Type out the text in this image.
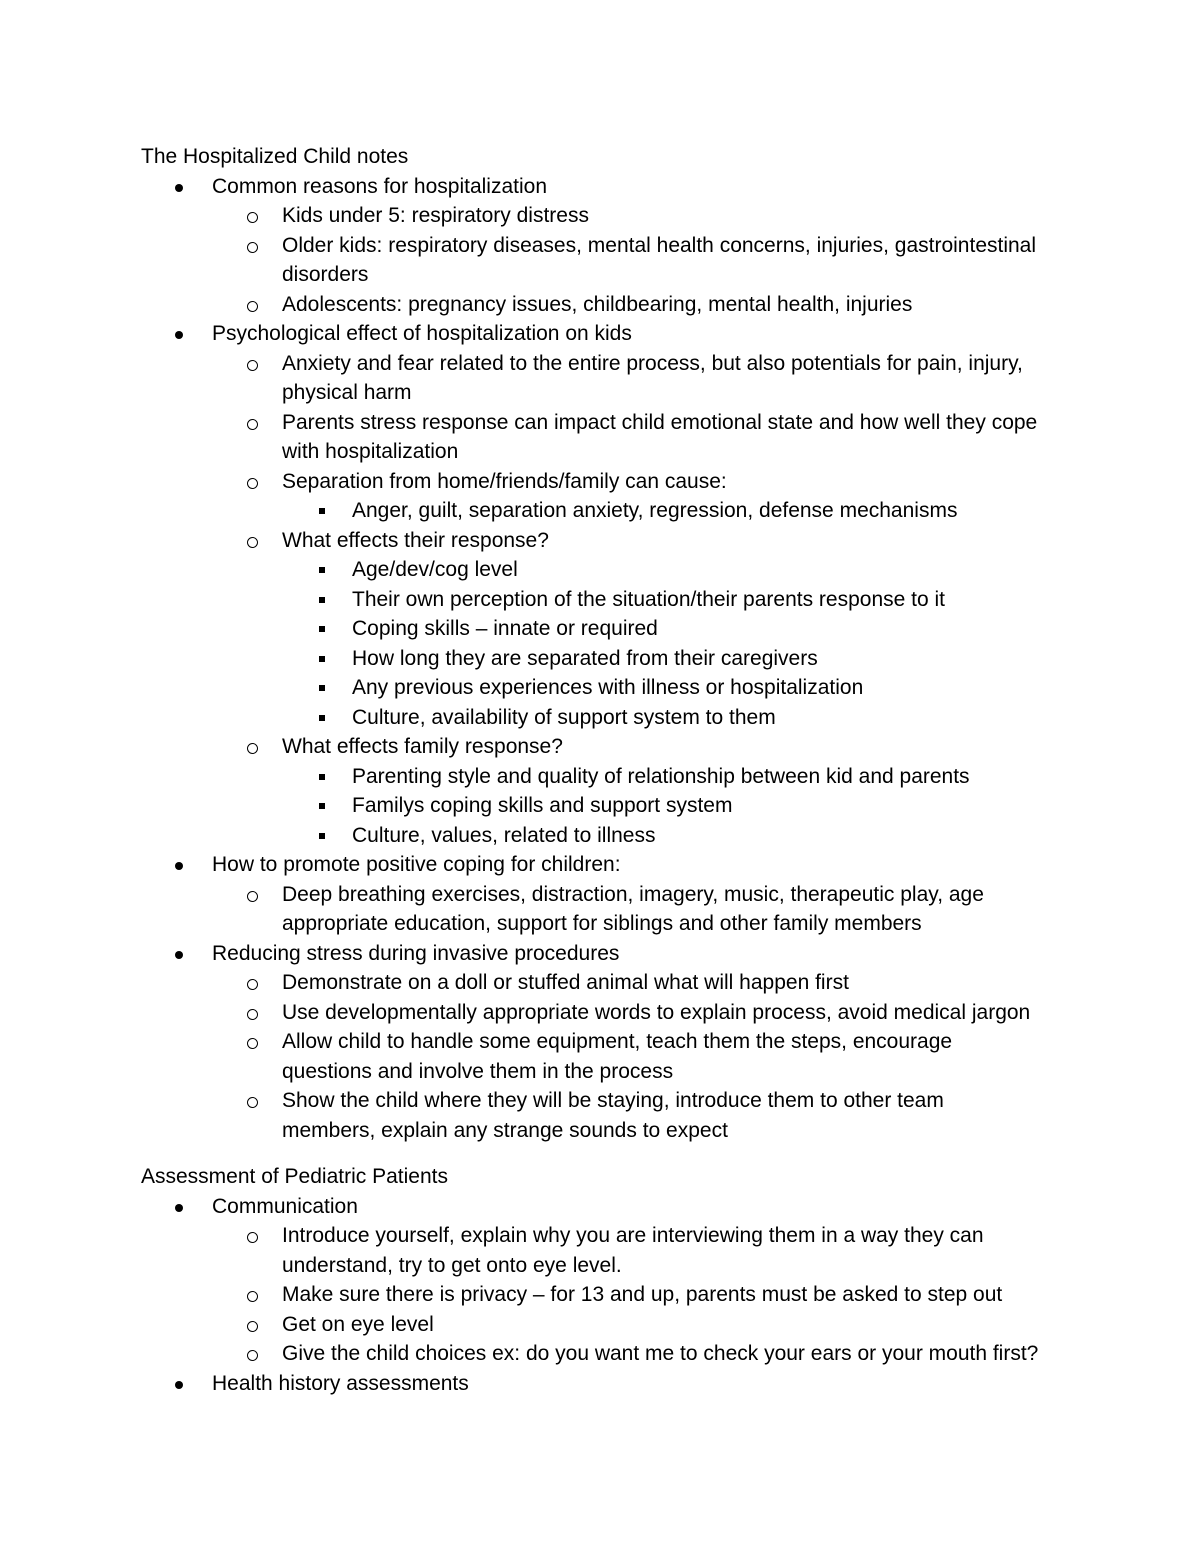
The Hospitalized Child notes
Common reasons for hospitalization
Kids under 5: respiratory distress
Older kids: respiratory diseases, mental health concerns, injuries, gastrointestinal disorders
Adolescents: pregnancy issues, childbearing, mental health, injuries
Psychological effect of hospitalization on kids
Anxiety and fear related to the entire process, but also potentials for pain, injury, physical harm
Parents stress response can impact child emotional state and how well they cope with hospitalization
Separation from home/friends/family can cause:
Anger, guilt, separation anxiety, regression, defense mechanisms
What effects their response?
Age/dev/cog level
Their own perception of the situation/their parents response to it
Coping skills – innate or required
How long they are separated from their caregivers
Any previous experiences with illness or hospitalization
Culture, availability of support system to them
What effects family response?
Parenting style and quality of relationship between kid and parents
Familys coping skills and support system
Culture, values, related to illness
How to promote positive coping for children:
Deep breathing exercises, distraction, imagery, music, therapeutic play, age appropriate education, support for siblings and other family members
Reducing stress during invasive procedures
Demonstrate on a doll or stuffed animal what will happen first
Use developmentally appropriate words to explain process, avoid medical jargon
Allow child to handle some equipment, teach them the steps, encourage questions and involve them in the process
Show the child where they will be staying, introduce them to other team members, explain any strange sounds to expect
Assessment of Pediatric Patients
Communication
Introduce yourself, explain why you are interviewing them in a way they can understand, try to get onto eye level.
Make sure there is privacy – for 13 and up, parents must be asked to step out
Get on eye level
Give the child choices ex: do you want me to check your ears or your mouth first?
Health history assessments
